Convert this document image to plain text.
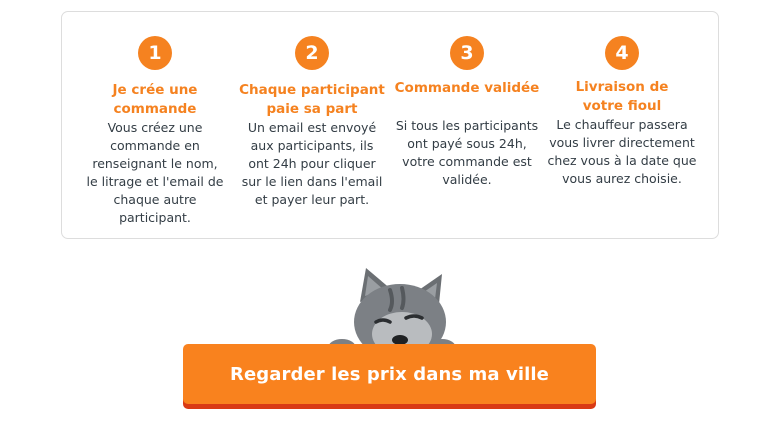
1
Je crée une
commande
Vous créez une
commande en
renseignant le nom,
le litrage et l'email de
chaque autre
participant.
2
Chaque participant
paie sa part
Un email est envoyé
aux participants, ils
ont 24h pour cliquer
sur le lien dans l'email
et payer leur part.
3
Commande validée
Si tous les participants
ont payé sous 24h,
votre commande est
validée.
4
Livraison de
votre fioul
Le chauffeur passera
vous livrer directement
chez vous à la date que
vous aurez choisie.
Regarder les prix dans ma ville
